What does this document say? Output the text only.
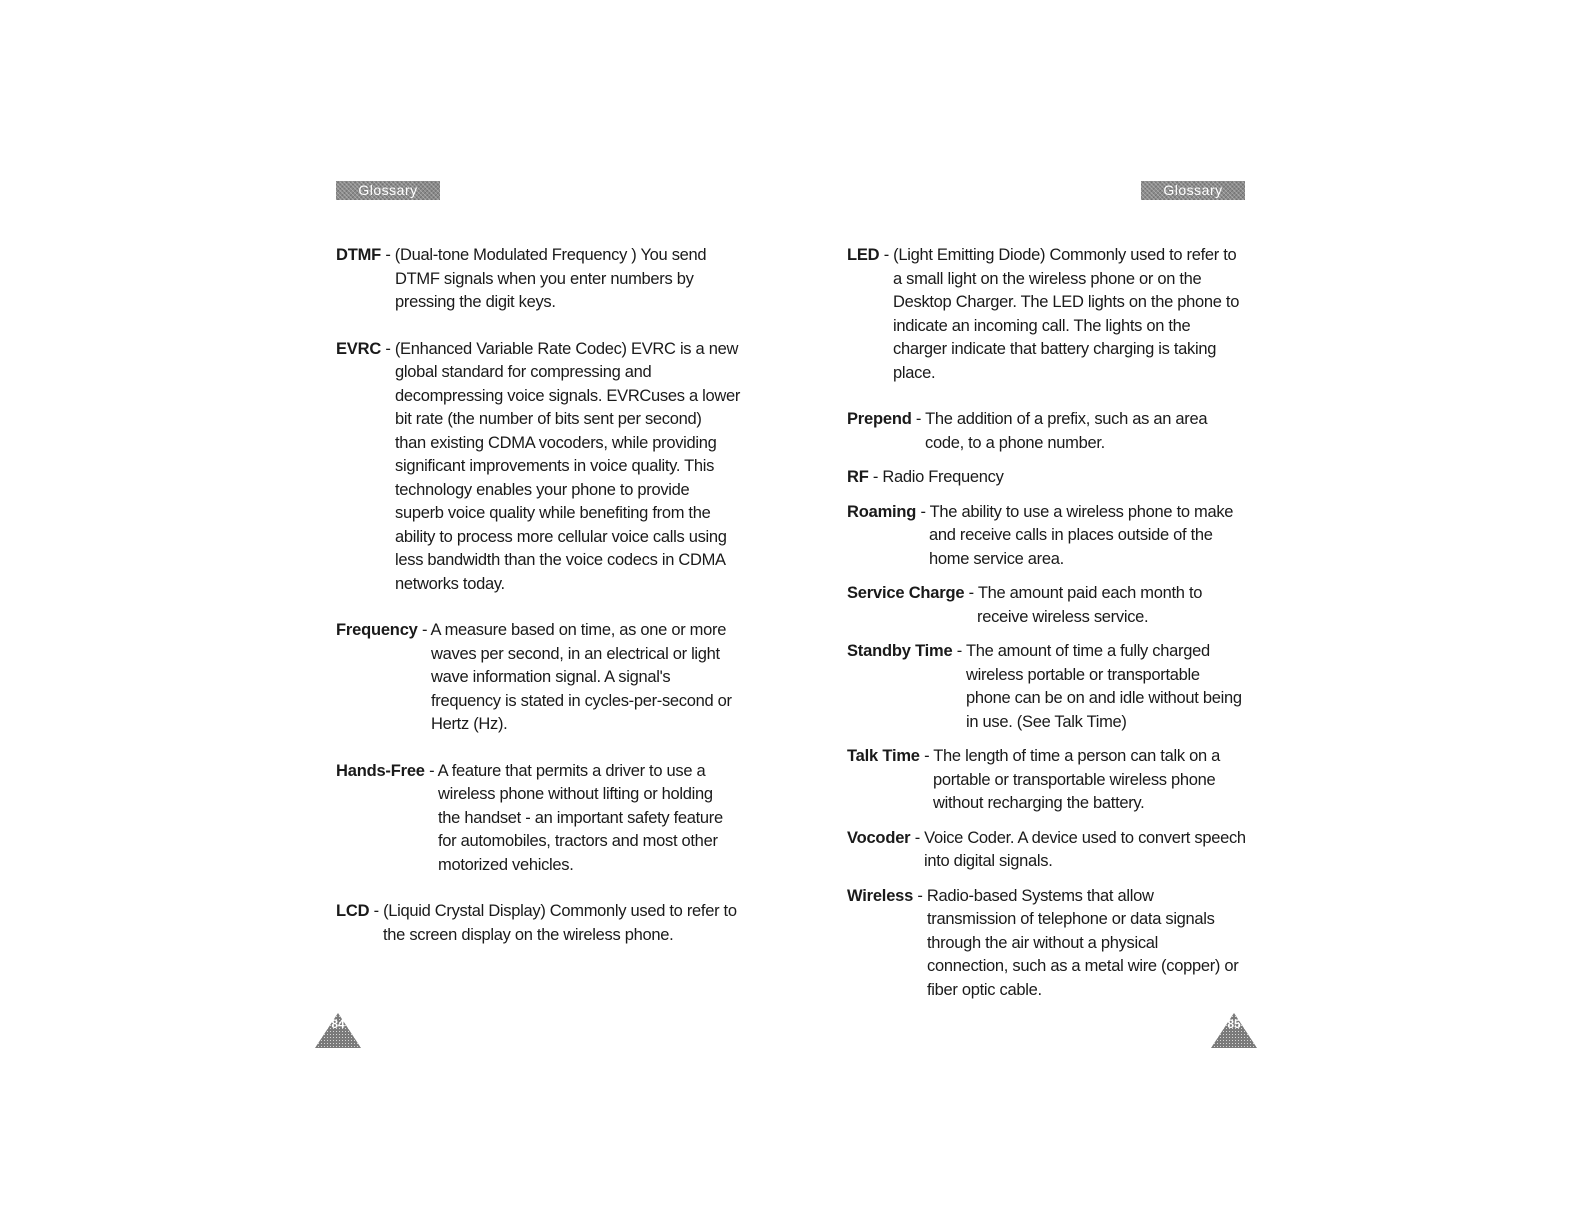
Glossary
DTMF - (Dual-tone Modulated Frequency ) You send
DTMF signals when you enter numbers by
pressing the digit keys.
EVRC - (Enhanced Variable Rate Codec) EVRC is a new
global standard for compressing and
decompressing voice signals. EVRCuses a lower
bit rate (the number of bits sent per second)
than existing CDMA vocoders, while providing
significant improvements in voice quality. This
technology enables your phone to provide
superb voice quality while benefiting from the
ability to process more cellular voice calls using
less bandwidth than the voice codecs in CDMA
networks today.
Frequency - A measure based on time, as one or more
waves per second, in an electrical or light
wave information signal. A signal's
frequency is stated in cycles-per-second or
Hertz (Hz).
Hands-Free - A feature that permits a driver to use a
wireless phone without lifting or holding
the handset - an important safety feature
for automobiles, tractors and most other
motorized vehicles.
LCD - (Liquid Crystal Display) Commonly used to refer to
the screen display on the wireless phone.
84
Glossary
LED - (Light Emitting Diode) Commonly used to refer to
a small light on the wireless phone or on the
Desktop Charger. The LED lights on the phone to
indicate an incoming call. The lights on the
charger indicate that battery charging is taking
place.
Prepend - The addition of a prefix, such as an area
code, to a phone number.
RF - Radio Frequency
Roaming - The ability to use a wireless phone to make
and receive calls in places outside of the
home service area.
Service Charge - The amount paid each month to
receive wireless service.
Standby Time - The amount of time a fully charged
wireless portable or transportable
phone can be on and idle without being
in use. (See Talk Time)
Talk Time - The length of time a person can talk on a
portable or transportable wireless phone
without recharging the battery.
Vocoder - Voice Coder. A device used to convert speech
into digital signals.
Wireless - Radio-based Systems that allow
transmission of telephone or data signals
through the air without a physical
connection, such as a metal wire (copper) or
fiber optic cable.
85
